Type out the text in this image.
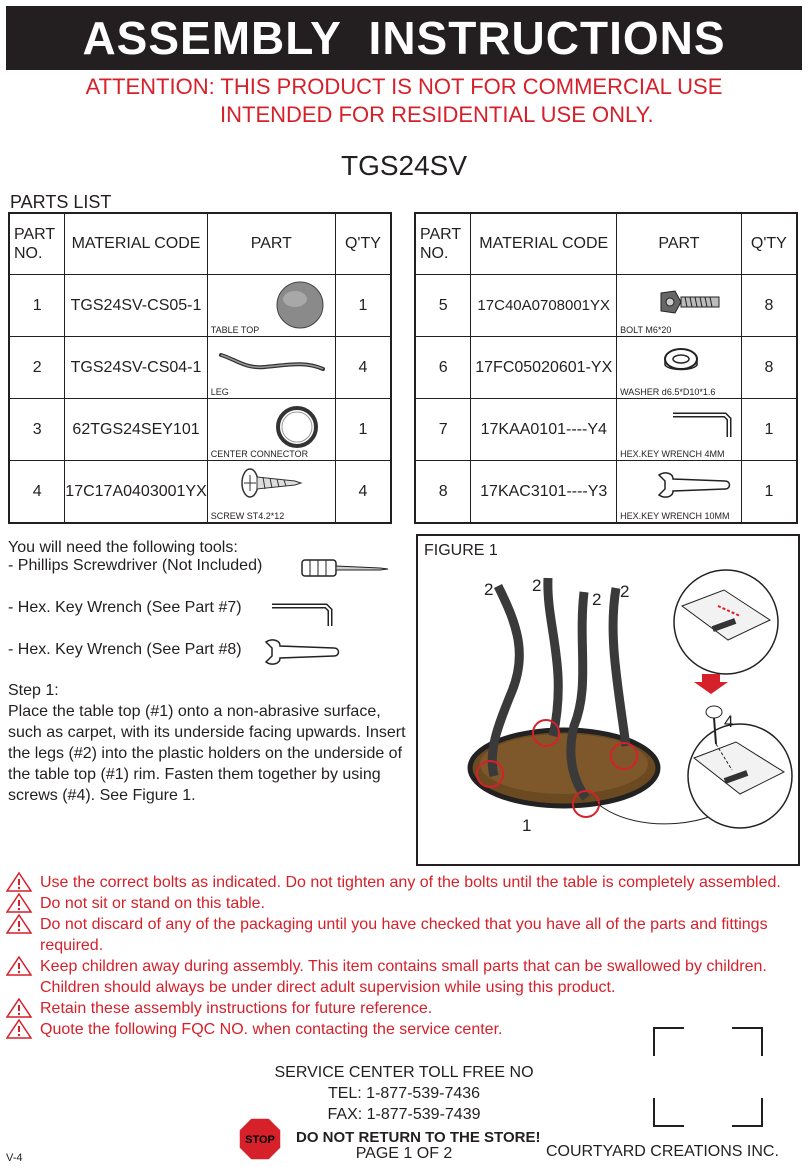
ASSEMBLY  INSTRUCTIONS
ATTENTION: THIS PRODUCT IS NOT FOR COMMERCIAL USE
INTENDED FOR RESIDENTIAL USE ONLY.
TGS24SV
PARTS LIST
PART
NO.	MATERIAL CODE	PART	Q'TY
1	TGS24SV-CS05-1	TABLE TOP	1
2	TGS24SV-CS04-1	LEG	4
3	62TGS24SEY101	CENTER CONNECTOR	1
4	17C17A0403001YX	SCREW ST4.2*12	4
PART
NO.	MATERIAL CODE	PART	Q'TY
5	17C40A0708001YX	BOLT M6*20	8
6	17FC05020601-YX	WASHER d6.5*D10*1.6	8
7	17KAA0101----Y4	HEX.KEY WRENCH 4MM	1
8	17KAC3101----Y3	HEX.KEY WRENCH 10MM	1
You will need the following tools:
- Phillips Screwdriver (Not Included)
- Hex. Key Wrench (See Part #7)
- Hex. Key Wrench (See Part #8)
Step 1:
Place the table top (#1) onto a non-abrasive surface, such as carpet, with its underside facing upwards. Insert the legs (#2) into the plastic holders on the underside of the table top (#1) rim. Fasten them together by using screws (#4). See Figure 1.
FIGURE 1
2 2
2 2
4
1
Use the correct bolts as indicated. Do not tighten any of the bolts until the table is completely assembled.
Do not sit or stand on this table.
Do not discard of any of the packaging until you have checked that you have all of the parts and fittings required.
Keep children away during assembly. This item contains small parts that can be swallowed by children. Children should always be under direct adult supervision while using this product.
Retain these assembly instructions for future reference.
Quote the following FQC NO. when contacting the service center.
SERVICE CENTER TOLL FREE NO
TEL: 1-877-539-7436
FAX: 1-877-539-7439
STOP DO NOT RETURN TO THE STORE!
PAGE 1 OF 2
V-4	COURTYARD CREATIONS INC.
